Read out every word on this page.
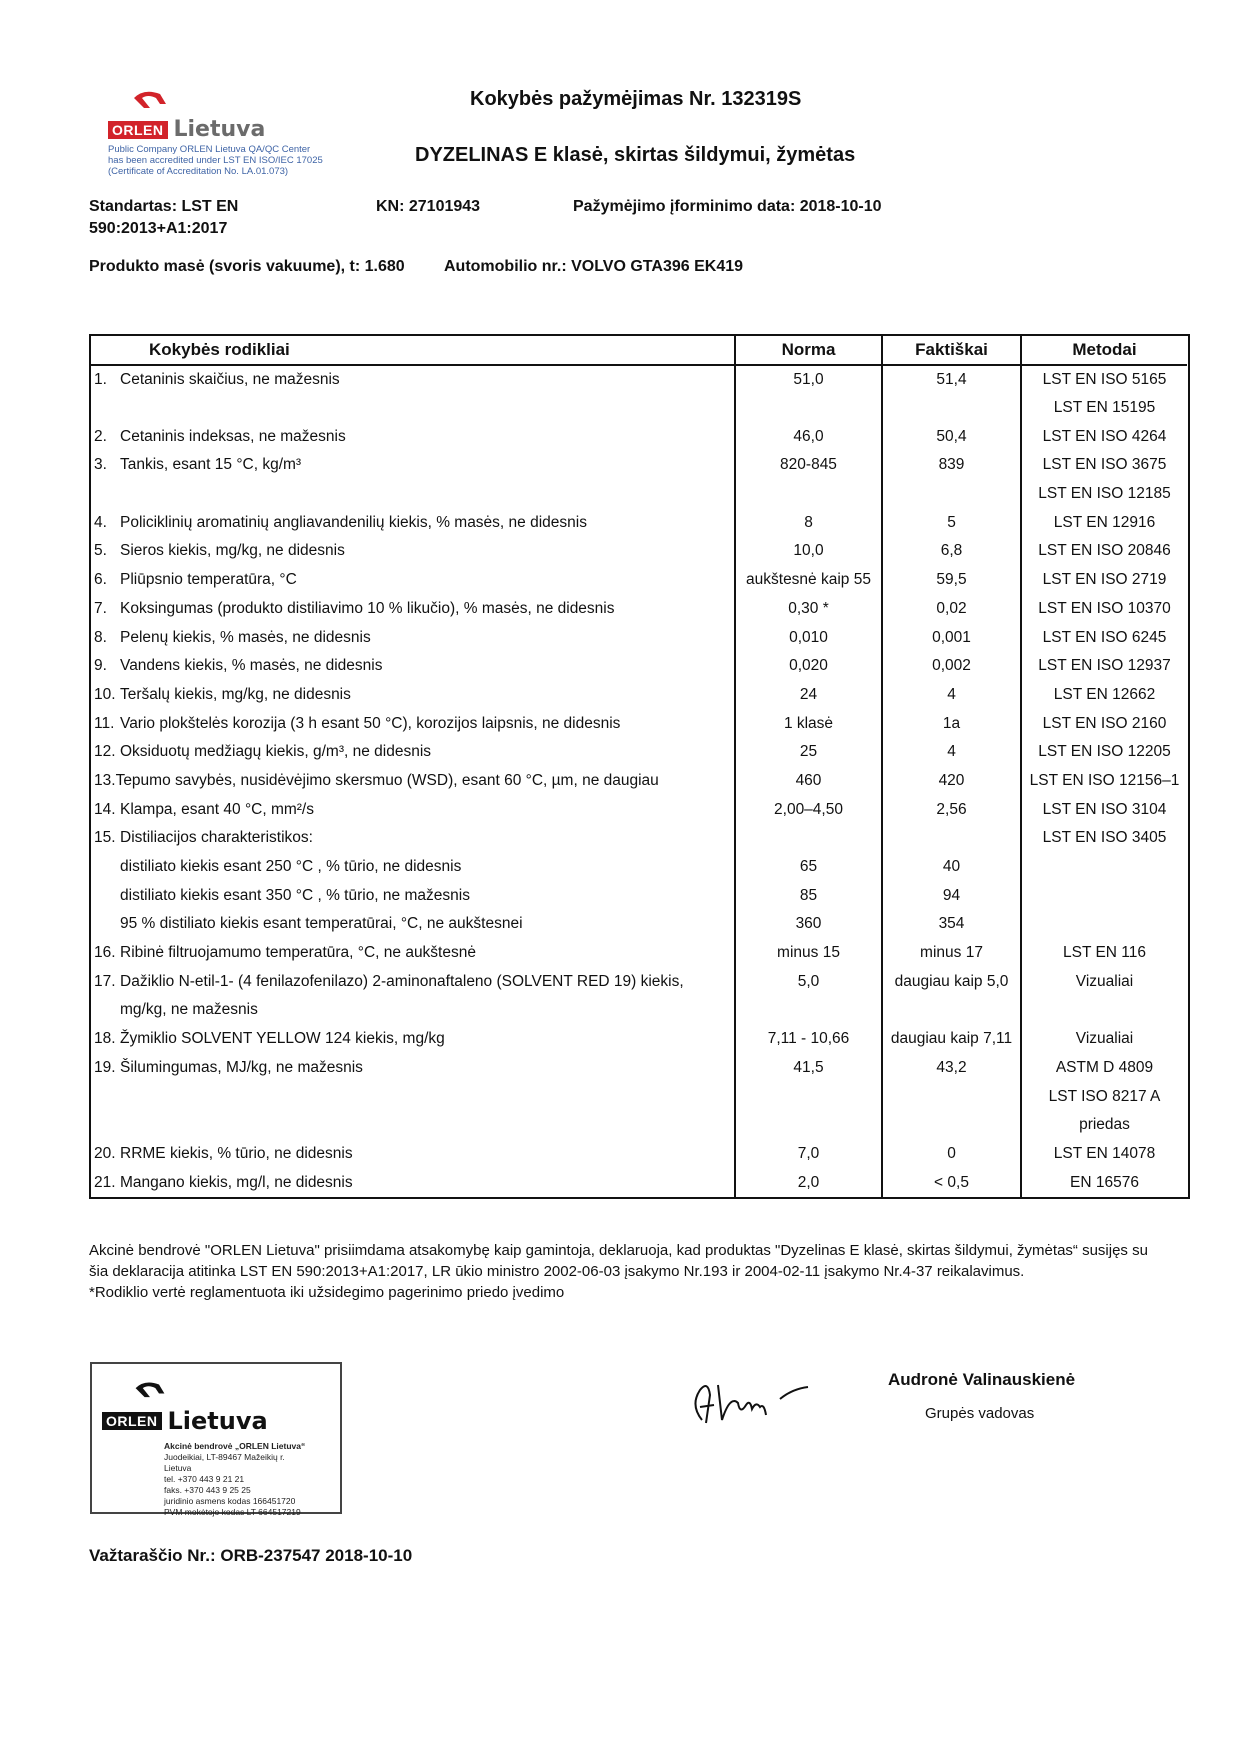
ORLEN Lietuva
Public Company ORLEN Lietuva QA/QC Center
has been accredited under LST EN ISO/IEC 17025
(Certificate of Accreditation No. LA.01.073)
Kokybės pažymėjimas Nr. 132319S
DYZELINAS E klasė, skirtas šildymui, žymėtas
Standartas: LST EN
590:2013+A1:2017
KN: 27101943	Pažymėjimo įforminimo data: 2018-10-10
Produkto masė (svoris vakuume), t: 1.680 Automobilio nr.: VOLVO GTA396 EK419
Kokybės rodikliai	Norma	Faktiškai	Metodai
1. Cetaninis skaičius, ne mažesnis	51,0	51,4	LST EN ISO 5165
			LST EN 15195
2. Cetaninis indeksas, ne mažesnis	46,0	50,4	LST EN ISO 4264
3. Tankis, esant 15 °C, kg/m³	820-845	839	LST EN ISO 3675
			LST EN ISO 12185
4. Policiklinių aromatinių angliavandenilių kiekis, % masės, ne didesnis	8	5	LST EN 12916
5. Sieros kiekis, mg/kg, ne didesnis	10,0	6,8	LST EN ISO 20846
6. Pliūpsnio temperatūra, °C	aukštesnė kaip 55	59,5	LST EN ISO 2719
7. Koksingumas (produkto distiliavimo 10 % likučio), % masės, ne didesnis	0,30 *	0,02	LST EN ISO 10370
8. Pelenų kiekis, % masės, ne didesnis	0,010	0,001	LST EN ISO 6245
9. Vandens kiekis, % masės, ne didesnis	0,020	0,002	LST EN ISO 12937
10. Teršalų kiekis, mg/kg, ne didesnis	24	4	LST EN 12662
11. Vario plokštelės korozija (3 h esant 50 °C), korozijos laipsnis, ne didesnis	1 klasė	1a	LST EN ISO 2160
12. Oksiduotų medžiagų kiekis, g/m³, ne didesnis	25	4	LST EN ISO 12205
13.Tepumo savybės, nusidėvėjimo skersmuo (WSD), esant 60 °C, µm, ne daugiau	460	420	LST EN ISO 12156–1
14. Klampa, esant 40 °C, mm²/s	2,00–4,50	2,56	LST EN ISO 3104
15. Distiliacijos charakteristikos:			LST EN ISO 3405
distiliato kiekis esant 250 °C , % tūrio, ne didesnis	65	40	
distiliato kiekis esant 350 °C , % tūrio, ne mažesnis	85	94	
95 % distiliato kiekis esant temperatūrai, °C, ne aukštesnei	360	354	
16. Ribinė filtruojamumo temperatūra, °C, ne aukštesnė	minus 15	minus 17	LST EN 116
17. Dažiklio N-etil-1- (4 fenilazofenilazo) 2-aminonaftaleno (SOLVENT RED 19) kiekis,	5,0	daugiau kaip 5,0	Vizualiai
mg/kg, ne mažesnis			
18. Žymiklio SOLVENT YELLOW 124 kiekis, mg/kg	7,11 - 10,66	daugiau kaip 7,11	Vizualiai
19. Šilumingumas, MJ/kg, ne mažesnis	41,5	43,2	ASTM D 4809
			LST ISO 8217 A
			priedas
20. RRME kiekis, % tūrio, ne didesnis	7,0	0	LST EN 14078
21. Mangano kiekis, mg/l, ne didesnis	2,0	< 0,5	EN 16576
Akcinė bendrovė "ORLEN Lietuva" prisiimdama atsakomybę kaip gamintoja, deklaruoja, kad produktas "Dyzelinas E klasė, skirtas šildymui, žymėtas“ susijęs su
šia deklaracija atitinka LST EN 590:2013+A1:2017, LR ūkio ministro 2002-06-03 įsakymo Nr.193 ir 2004-02-11 įsakymo Nr.4-37 reikalavimus.
*Rodiklio vertė reglamentuota iki užsidegimo pagerinimo priedo įvedimo
ORLEN Lietuva
Akcinė bendrovė „ORLEN Lietuva“
Juodeikiai, LT-89467 Mažeikių r.
Lietuva
tel. +370 443 9 21 21
faks. +370 443 9 25 25
juridinio asmens kodas 166451720
PVM mokėtojo kodas LT 664517219
Audronė Valinauskienė
Grupės vadovas
Važtaraščio Nr.: ORB-237547 2018-10-10
